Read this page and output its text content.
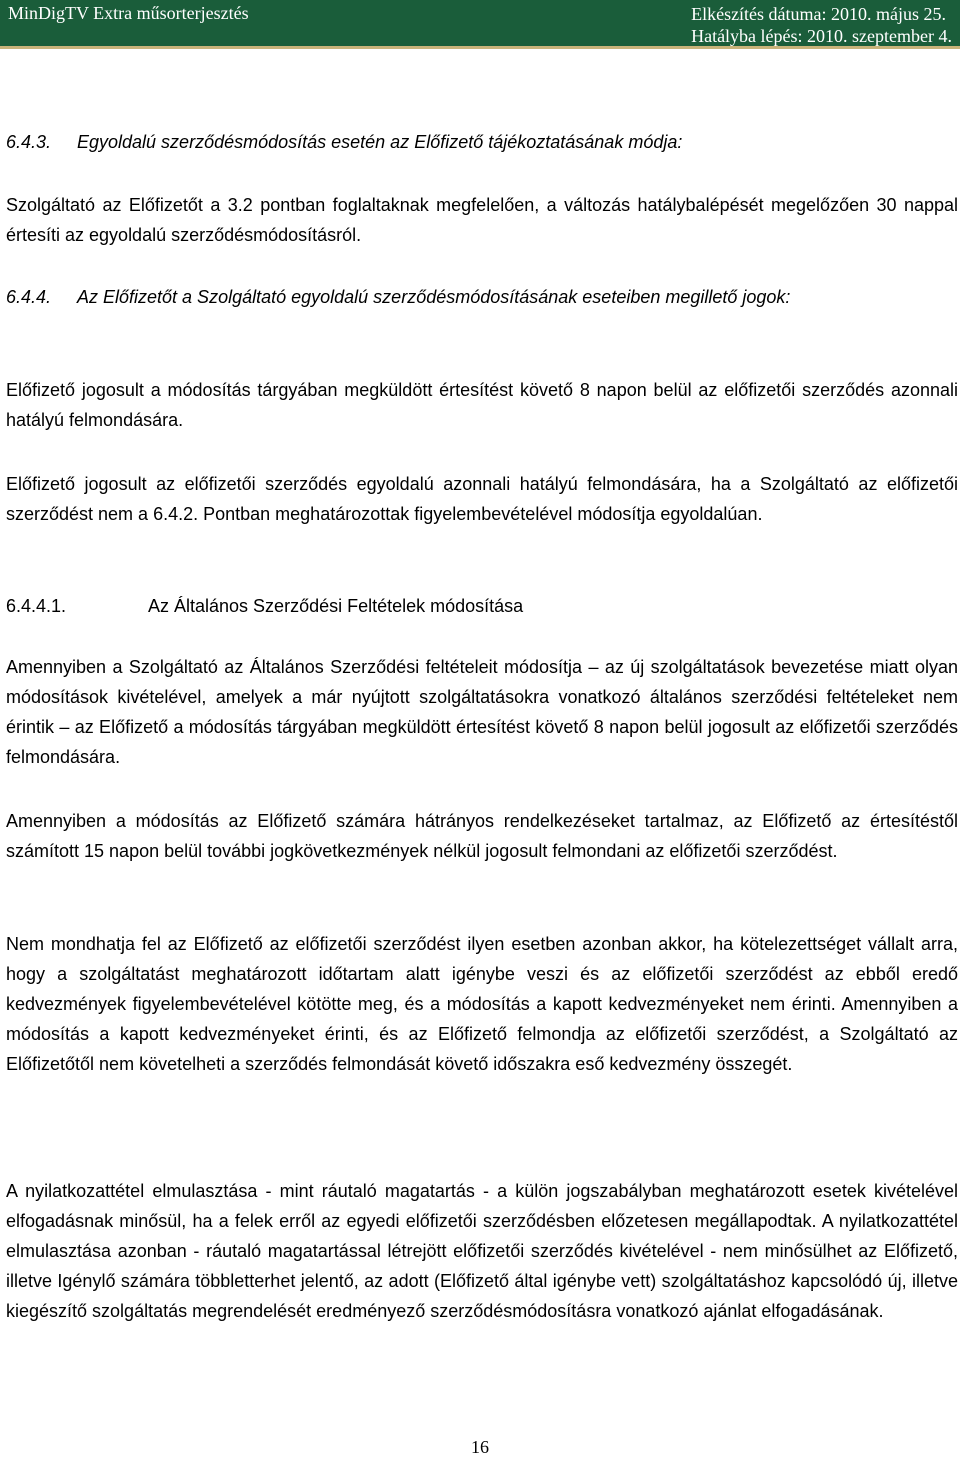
MinDigTV Extra műsorterjesztés	Elkészítés dátuma: 2010. május 25.
Hatályba lépés: 2010. szeptember 4.
6.4.3. Egyoldalú szerződésmódosítás esetén az Előfizető tájékoztatásának módja:
Szolgáltató az Előfizetőt a 3.2 pontban foglaltaknak megfelelően, a változás hatálybalépését megelőzően 30 nappal értesíti az egyoldalú szerződésmódosításról.
6.4.4. Az Előfizetőt a Szolgáltató egyoldalú szerződésmódosításának eseteiben megillető jogok:
Előfizető jogosult a módosítás tárgyában megküldött értesítést követő 8 napon belül az előfizetői szerződés azonnali hatályú felmondására.
Előfizető jogosult az előfizetői szerződés egyoldalú azonnali hatályú felmondására, ha a Szolgáltató az előfizetői szerződést nem a 6.4.2. Pontban meghatározottak figyelembevételével módosítja egyoldalúan.
6.4.4.1.	Az Általános Szerződési Feltételek módosítása
Amennyiben a Szolgáltató az Általános Szerződési feltételeit módosítja – az új szolgáltatások bevezetése miatt olyan módosítások kivételével, amelyek a már nyújtott szolgáltatásokra vonatkozó általános szerződési feltételeket nem érintik – az Előfizető a módosítás tárgyában megküldött értesítést követő 8 napon belül jogosult az előfizetői szerződés felmondására.
Amennyiben a módosítás az Előfizető számára hátrányos rendelkezéseket tartalmaz, az Előfizető az értesítéstől számított 15 napon belül további jogkövetkezmények nélkül jogosult felmondani az előfizetői szerződést.
Nem mondhatja fel az Előfizető az előfizetői szerződést ilyen esetben azonban akkor, ha kötelezettséget vállalt arra, hogy a szolgáltatást meghatározott időtartam alatt igénybe veszi és az előfizetői szerződést az ebből eredő kedvezmények figyelembevételével kötötte meg, és a módosítás a kapott kedvezményeket nem érinti. Amennyiben a módosítás a kapott kedvezményeket érinti, és az Előfizető felmondja az előfizetői szerződést, a Szolgáltató az Előfizetőtől nem követelheti a szerződés felmondását követő időszakra eső kedvezmény összegét.
A nyilatkozattétel elmulasztása - mint ráutaló magatartás - a külön jogszabályban meghatározott esetek kivételével elfogadásnak minősül, ha a felek erről az egyedi előfizetői szerződésben előzetesen megállapodtak. A nyilatkozattétel elmulasztása azonban - ráutaló magatartással létrejött előfizetői szerződés kivételével - nem minősülhet az Előfizető, illetve Igénylő számára többletterhet jelentő, az adott (Előfizető által igénybe vett) szolgáltatáshoz kapcsolódó új, illetve kiegészítő szolgáltatás megrendelését eredményező szerződésmódosításra vonatkozó ajánlat elfogadásának.
16
